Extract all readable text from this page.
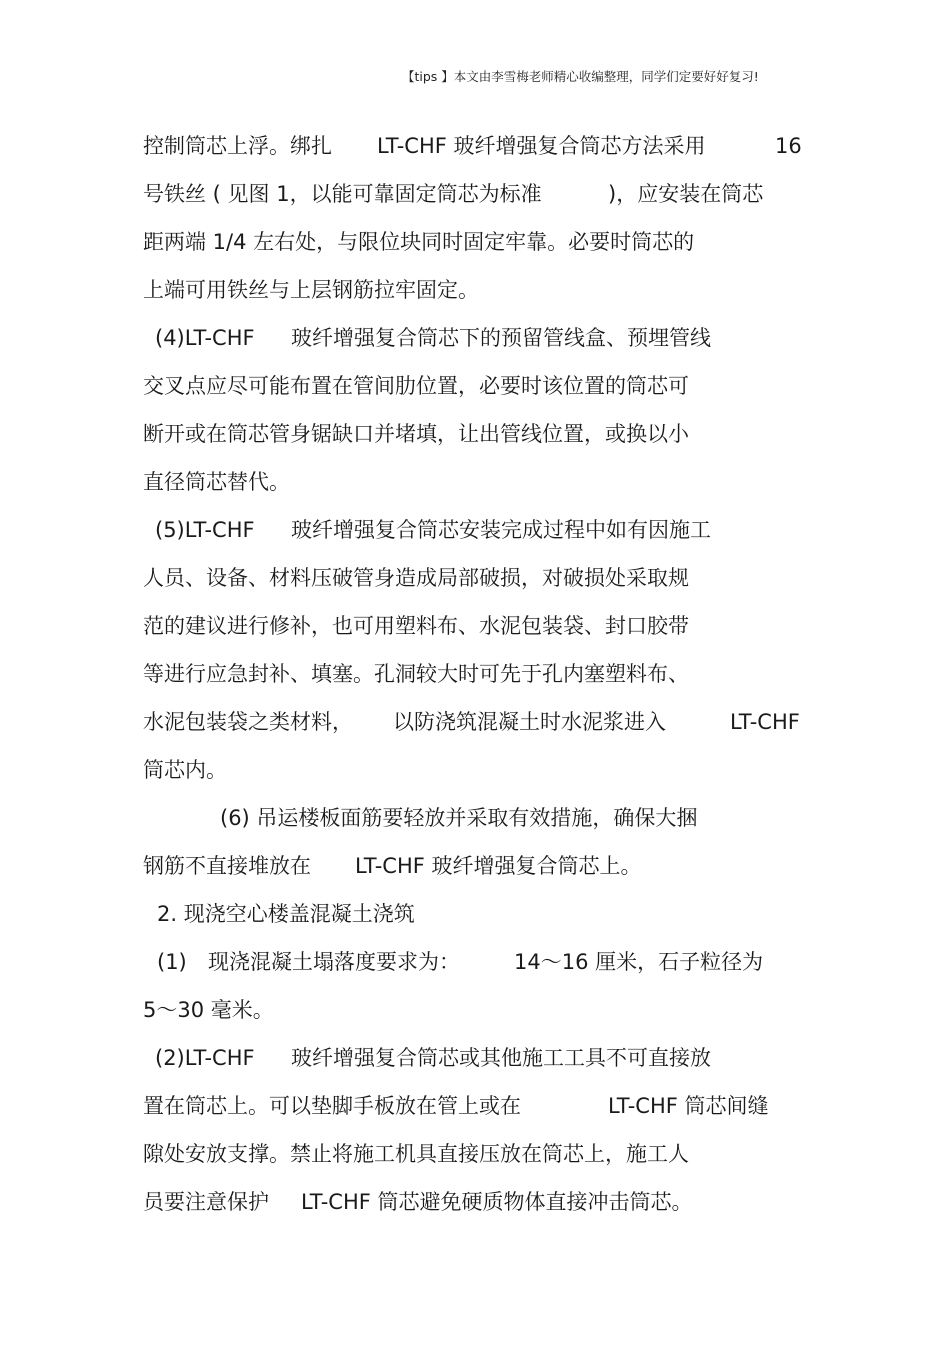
【tips 】本文由李雪梅老师精心收编整理，同学们定要好好复习!
控制筒芯上浮。绑扎 LT-CHF 玻纤增强复合筒芯方法采用	16
号铁丝 ( 见图 1，以能可靠固定筒芯为标准	)，应安装在筒芯
距两端 1/4 左右处，与限位块同时固定牢靠。必要时筒芯的
上端可用铁丝与上层钢筋拉牢固定。
(4)LT-CHF 玻纤增强复合筒芯下的预留管线盒、预埋管线
交叉点应尽可能布置在管间肋位置，必要时该位置的筒芯可
断开或在筒芯管身锯缺口并堵填，让出管线位置，或换以小
直径筒芯替代。
(5)LT-CHF 玻纤增强复合筒芯安装完成过程中如有因施工
人员、设备、材料压破管身造成局部破损，对破损处采取规
范的建议进行修补，也可用塑料布、水泥包装袋、封口胶带
等进行应急封补、填塞。孔洞较大时可先于孔内塞塑料布、
水泥包装袋之类材料， 以防浇筑混凝土时水泥浆进入	LT-CHF
筒芯内。
(6) 吊运楼板面筋要轻放并采取有效措施，确保大捆
钢筋不直接堆放在 LT-CHF 玻纤增强复合筒芯上。
2. 现浇空心楼盖混凝土浇筑
(1) 现浇混凝土塌落度要求为：	14～16 厘米，石子粒径为
5～30 毫米。
(2)LT-CHF 玻纤增强复合筒芯或其他施工工具不可直接放
置在筒芯上。可以垫脚手板放在管上或在	LT-CHF 筒芯间缝
隙处安放支撑。禁止将施工机具直接压放在筒芯上，施工人
员要注意保护 LT-CHF 筒芯避免硬质物体直接冲击筒芯。
